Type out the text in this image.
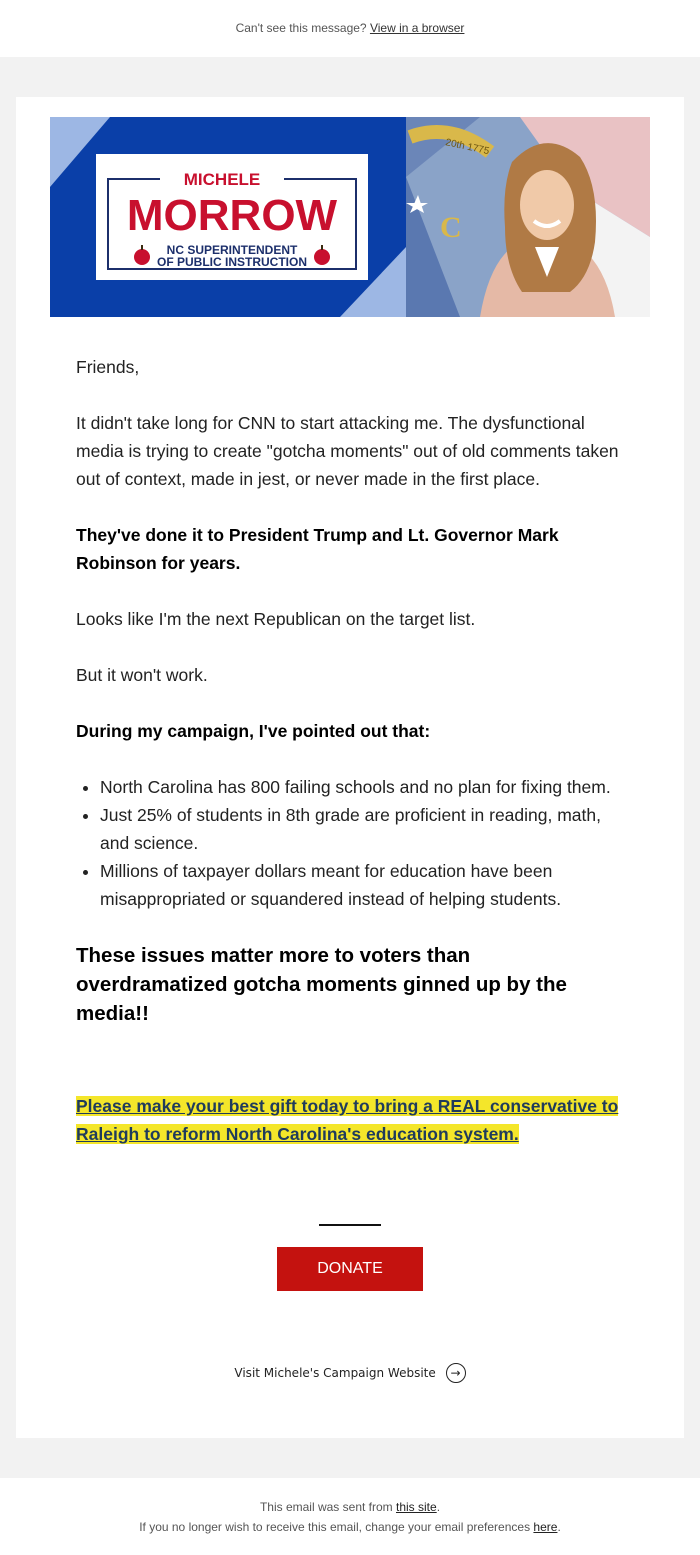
Can't see this message? View in a browser
MICHELE
MORROW
NC SUPERINTENDENT
OF PUBLIC INSTRUCTION
20th 1775
C

Friends,

It didn't take long for CNN to start attacking me. The dysfunctional media is trying to create "gotcha moments" out of old comments taken out of context, made in jest, or never made in the first place.

They've done it to President Trump and Lt. Governor Mark Robinson for years.

Looks like I'm the next Republican on the target list.

But it won't work.

During my campaign, I've pointed out that:

• North Carolina has 800 failing schools and no plan for fixing them.
• Just 25% of students in 8th grade are proficient in reading, math, and science.
• Millions of taxpayer dollars meant for education have been misappropriated or squandered instead of helping students.

These issues matter more to voters than overdramatized gotcha moments ginned up by the media!!

Please make your best gift today to bring a REAL conservative to Raleigh to reform North Carolina's education system.
DONATE
Visit Michele's Campaign Website →
This email was sent from this site.
If you no longer wish to receive this email, change your email preferences here.
